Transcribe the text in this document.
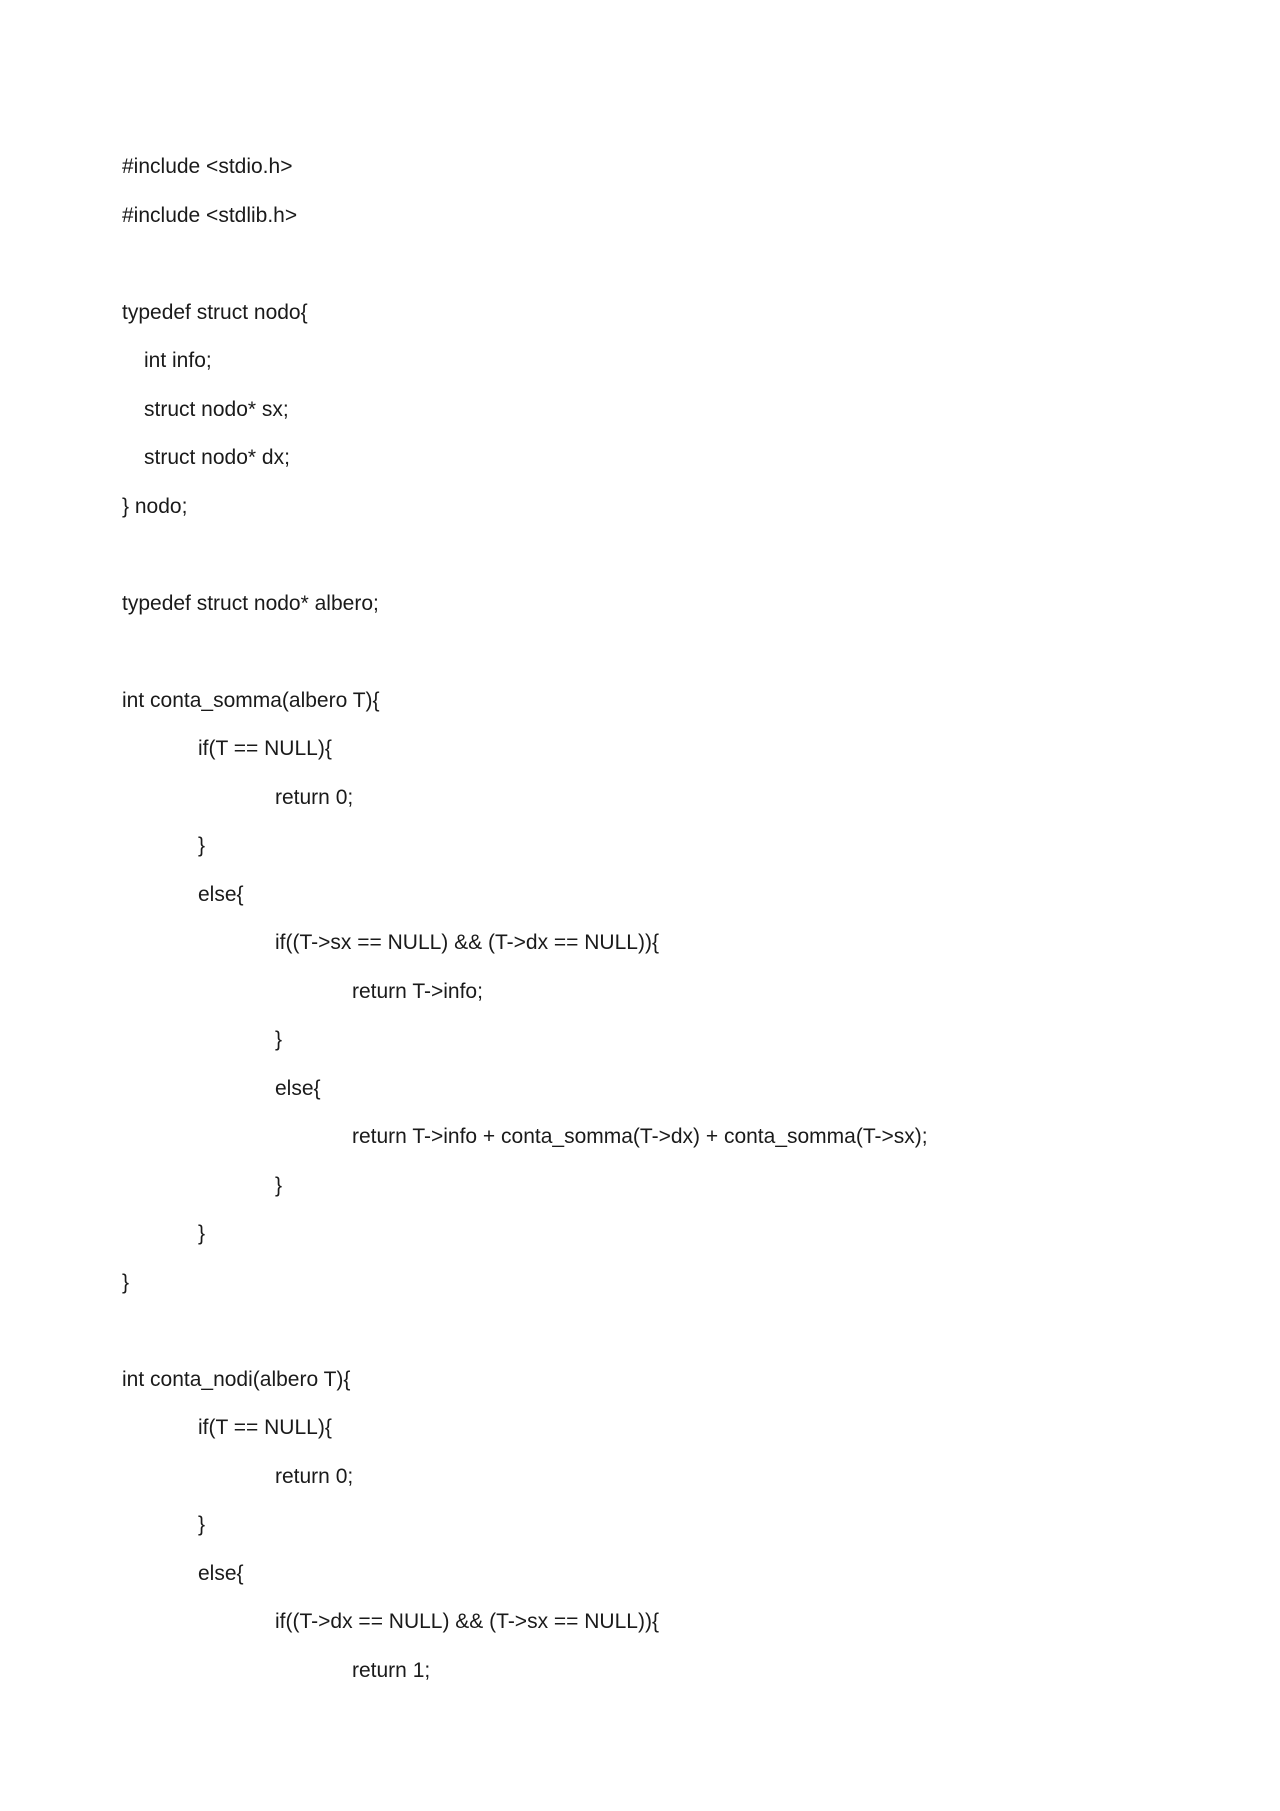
#include <stdio.h>
#include <stdlib.h>
typedef struct nodo{
int info;
struct nodo* sx;
struct nodo* dx;
} nodo;
typedef struct nodo* albero;
int conta_somma(albero T){
if(T == NULL){
return 0;
}
else{
if((T->sx == NULL) && (T->dx == NULL)){
return T->info;
}
else{
return T->info + conta_somma(T->dx) + conta_somma(T->sx);
}
}
}
int conta_nodi(albero T){
if(T == NULL){
return 0;
}
else{
if((T->dx == NULL) && (T->sx == NULL)){
return 1;
